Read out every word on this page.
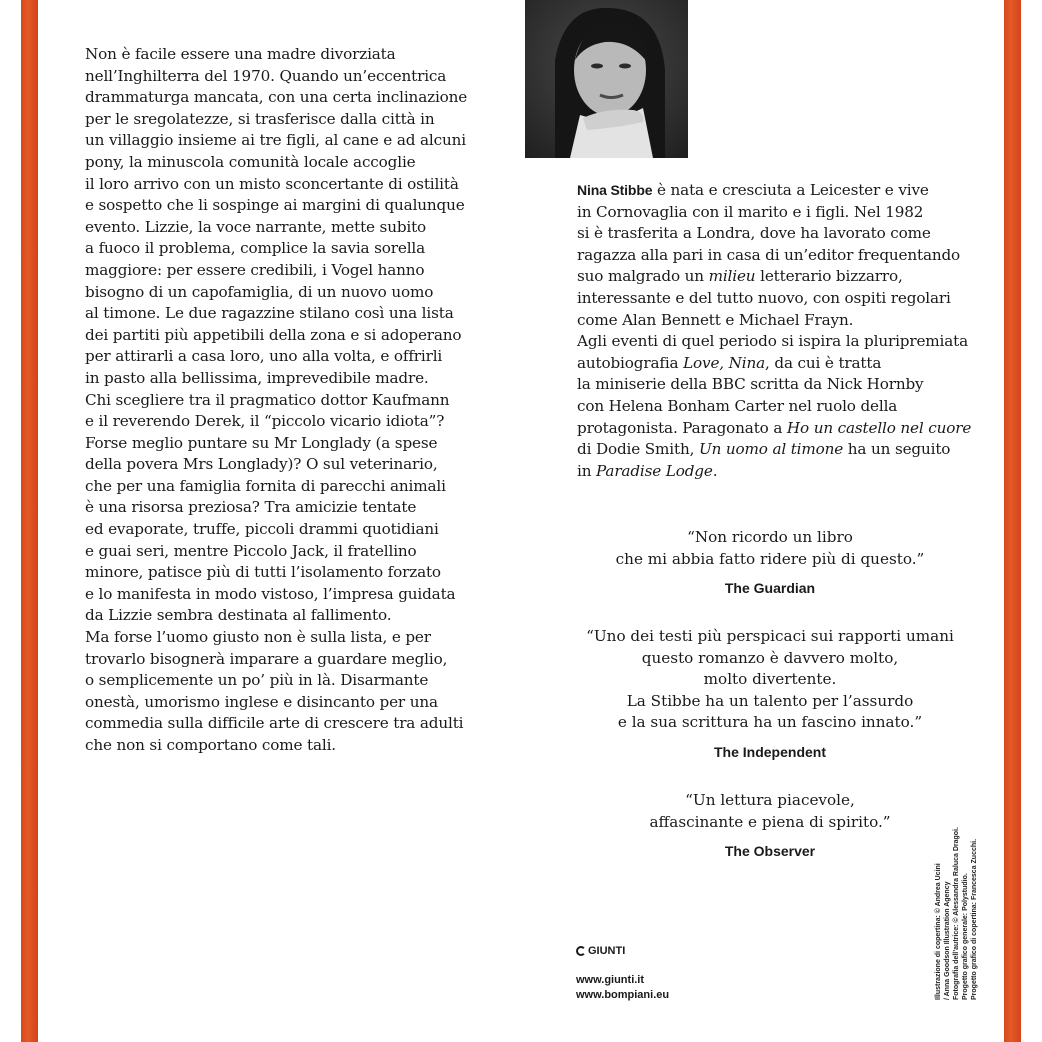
Non è facile essere una madre divorziata
nell’Inghilterra del 1970. Quando un’eccentrica
drammaturga mancata, con una certa inclinazione
per le sregolatezze, si trasferisce dalla città in
un villaggio insieme ai tre figli, al cane e ad alcuni
pony, la minuscola comunità locale accoglie
il loro arrivo con un misto sconcertante di ostilità
e sospetto che li sospinge ai margini di qualunque
evento. Lizzie, la voce narrante, mette subito
a fuoco il problema, complice la savia sorella
maggiore: per essere credibili, i Vogel hanno
bisogno di un capofamiglia, di un nuovo uomo
al timone. Le due ragazzine stilano così una lista
dei partiti più appetibili della zona e si adoperano
per attirarli a casa loro, uno alla volta, e offrirli
in pasto alla bellissima, imprevedibile madre.
Chi scegliere tra il pragmatico dottor Kaufmann
e il reverendo Derek, il “piccolo vicario idiota”?
Forse meglio puntare su Mr Longlady (a spese
della povera Mrs Longlady)? O sul veterinario,
che per una famiglia fornita di parecchi animali
è una risorsa preziosa? Tra amicizie tentate
ed evaporate, truffe, piccoli drammi quotidiani
e guai seri, mentre Piccolo Jack, il fratellino
minore, patisce più di tutti l’isolamento forzato
e lo manifesta in modo vistoso, l’impresa guidata
da Lizzie sembra destinata al fallimento.
Ma forse l’uomo giusto non è sulla lista, e per
trovarlo bisognerà imparare a guardare meglio,
o semplicemente un po’ più in là. Disarmante
onestà, umorismo inglese e disincanto per una
commedia sulla difficile arte di crescere tra adulti
che non si comportano come tali.
Nina Stibbe è nata e cresciuta a Leicester e vive
in Cornovaglia con il marito e i figli. Nel 1982
si è trasferita a Londra, dove ha lavorato come
ragazza alla pari in casa di un’editor frequentando
suo malgrado un milieu letterario bizzarro,
interessante e del tutto nuovo, con ospiti regolari
come Alan Bennett e Michael Frayn.
Agli eventi di quel periodo si ispira la pluripremiata
autobiografia Love, Nina, da cui è tratta
la miniserie della BBC scritta da Nick Hornby
con Helena Bonham Carter nel ruolo della
protagonista. Paragonato a Ho un castello nel cuore
di Dodie Smith, Un uomo al timone ha un seguito
in Paradise Lodge.
“Non ricordo un libro
che mi abbia fatto ridere più di questo.”
The Guardian
“Uno dei testi più perspicaci sui rapporti umani
questo romanzo è davvero molto,
molto divertente.
La Stibbe ha un talento per l’assurdo
e la sua scrittura ha un fascino innato.”
The Independent
“Un lettura piacevole,
affascinante e piena di spirito.”
The Observer
GIUNTI
www.giunti.it
www.bompiani.eu	Illustrazione di copertina: © Andrea Ucini / Anna Goodson Illustration Agency Fotografia dell’autrice: © Alessandra Raluca Dragoi. Progetto grafico generale: Polystudio. Progetto grafico di copertina: Francesca Zucchi.
